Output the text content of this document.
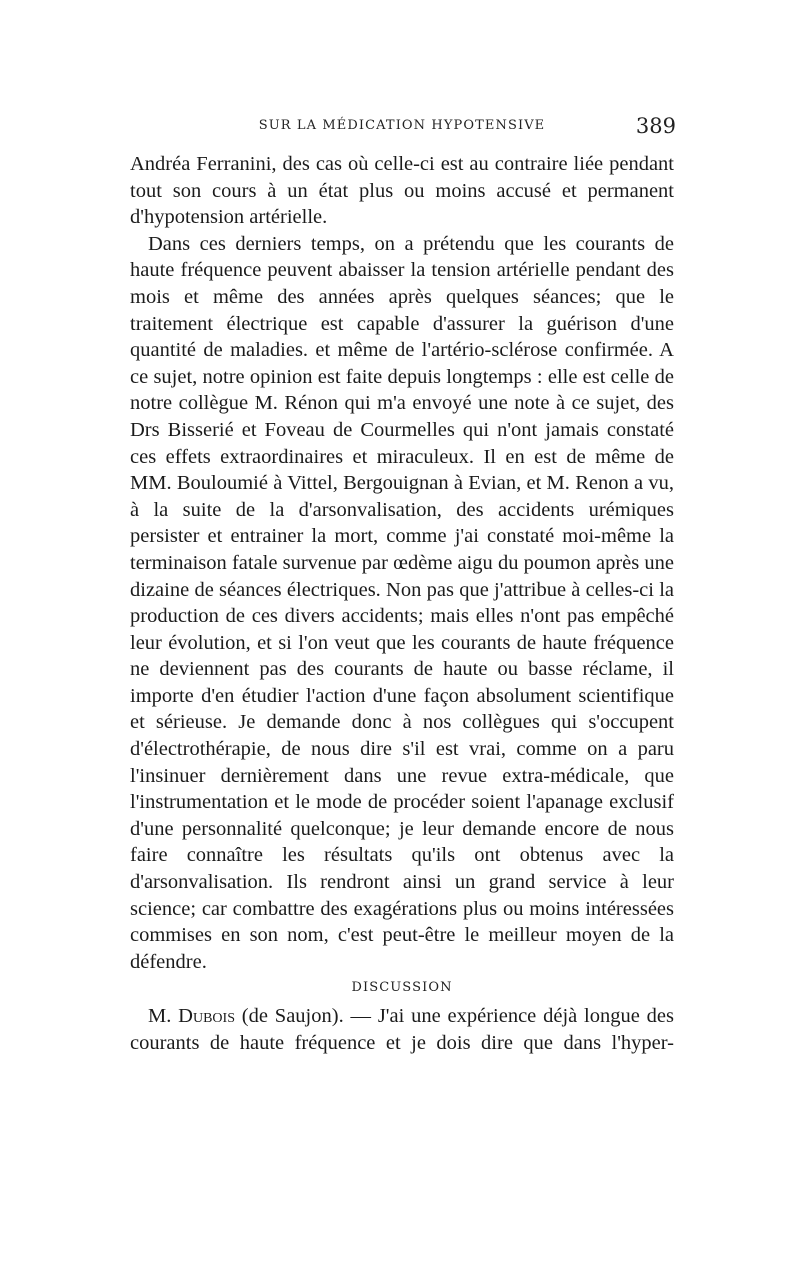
SUR LA MÉDICATION HYPOTENSIVE	389

Andréa Ferranini, des cas où celle-ci est au contraire liée pendant tout son cours à un état plus ou moins accusé et permanent d'hypotension artérielle.

Dans ces derniers temps, on a prétendu que les courants de haute fréquence peuvent abaisser la tension artérielle pendant des mois et même des années après quelques séances; que le traitement électrique est capable d'assurer la guérison d'une quantité de maladies. et même de l'artério-sclérose confirmée. A ce sujet, notre opinion est faite depuis longtemps : elle est celle de notre collègue M. Rénon qui m'a envoyé une note à ce sujet, des Drs Bisserié et Foveau de Courmelles qui n'ont jamais constaté ces effets extraordinaires et miraculeux. Il en est de même de MM. Bouloumié à Vittel, Bergouignan à Evian, et M. Renon a vu, à la suite de la d'arsonvalisation, des accidents urémiques persister et entrainer la mort, comme j'ai constaté moi-même la terminaison fatale survenue par œdème aigu du poumon après une dizaine de séances électriques. Non pas que j'attribue à celles-ci la production de ces divers accidents; mais elles n'ont pas empêché leur évolution, et si l'on veut que les courants de haute fréquence ne deviennent pas des courants de haute ou basse réclame, il importe d'en étudier l'action d'une façon absolument scientifique et sérieuse. Je demande donc à nos collègues qui s'occupent d'électrothérapie, de nous dire s'il est vrai, comme on a paru l'insinuer dernièrement dans une revue extra-médicale, que l'instrumentation et le mode de procéder soient l'apanage exclusif d'une personnalité quelconque; je leur demande encore de nous faire connaître les résultats qu'ils ont obtenus avec la d'arsonvalisation. Ils rendront ainsi un grand service à leur science; car combattre des exagérations plus ou moins intéressées commises en son nom, c'est peut-être le meilleur moyen de la défendre.

DISCUSSION

M. Dubois (de Saujon). — J'ai une expérience déjà longue des courants de haute fréquence et je dois dire que dans l'hyper-
